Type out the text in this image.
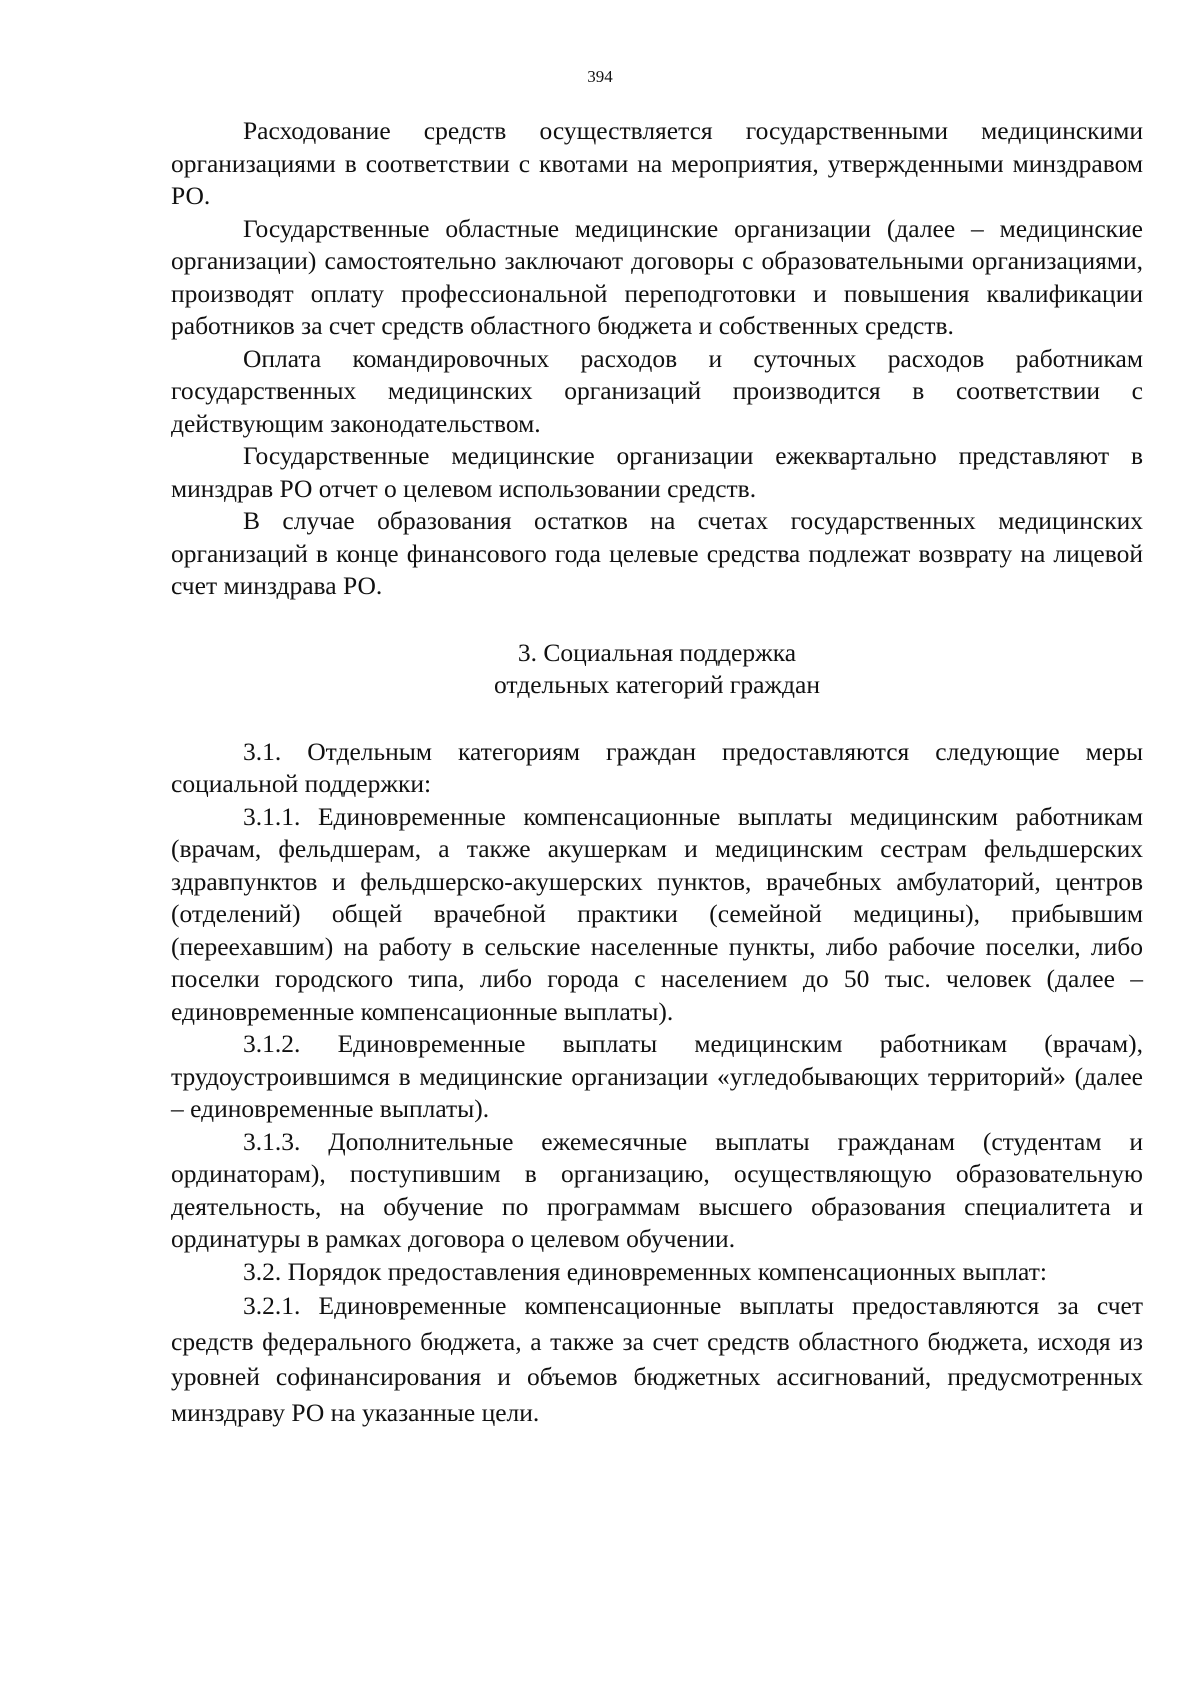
394

Расходование средств осуществляется государственными медицинскими организациями в соответствии с квотами на мероприятия, утвержденными минздравом РО.

Государственные областные медицинские организации (далее – медицинские организации) самостоятельно заключают договоры с образовательными организациями, производят оплату профессиональной переподготовки и повышения квалификации работников за счет средств областного бюджета и собственных средств.

Оплата командировочных расходов и суточных расходов работникам государственных медицинских организаций производится в соответствии с действующим законодательством.

Государственные медицинские организации ежеквартально представляют в минздрав РО отчет о целевом использовании средств.

В случае образования остатков на счетах государственных медицинских организаций в конце финансового года целевые средства подлежат возврату на лицевой счет минздрава РО.

3. Социальная поддержка

отдельных категорий граждан

3.1. Отдельным категориям граждан предоставляются следующие меры социальной поддержки:

3.1.1. Единовременные компенсационные выплаты медицинским работникам (врачам, фельдшерам, а также акушеркам и медицинским сестрам фельдшерских здравпунктов и фельдшерско-акушерских пунктов, врачебных амбулаторий, центров (отделений) общей врачебной практики (семейной медицины), прибывшим (переехавшим) на работу в сельские населенные пункты, либо рабочие поселки, либо поселки городского типа, либо города с населением до 50 тыс. человек (далее – единовременные компенсационные выплаты).

3.1.2. Единовременные выплаты медицинским работникам (врачам), трудоустроившимся в медицинские организации «угледобывающих территорий» (далее – единовременные выплаты).

3.1.3. Дополнительные ежемесячные выплаты гражданам (студентам и ординаторам), поступившим в организацию, осуществляющую образовательную деятельность, на обучение по программам высшего образования специалитета и ординатуры в рамках договора о целевом обучении.

3.2. Порядок предоставления единовременных компенсационных выплат:

3.2.1. Единовременные компенсационные выплаты предоставляются за счет средств федерального бюджета, а также за счет средств областного бюджета, исходя из уровней софинансирования и объемов бюджетных ассигнований, предусмотренных минздраву РО на указанные цели.
